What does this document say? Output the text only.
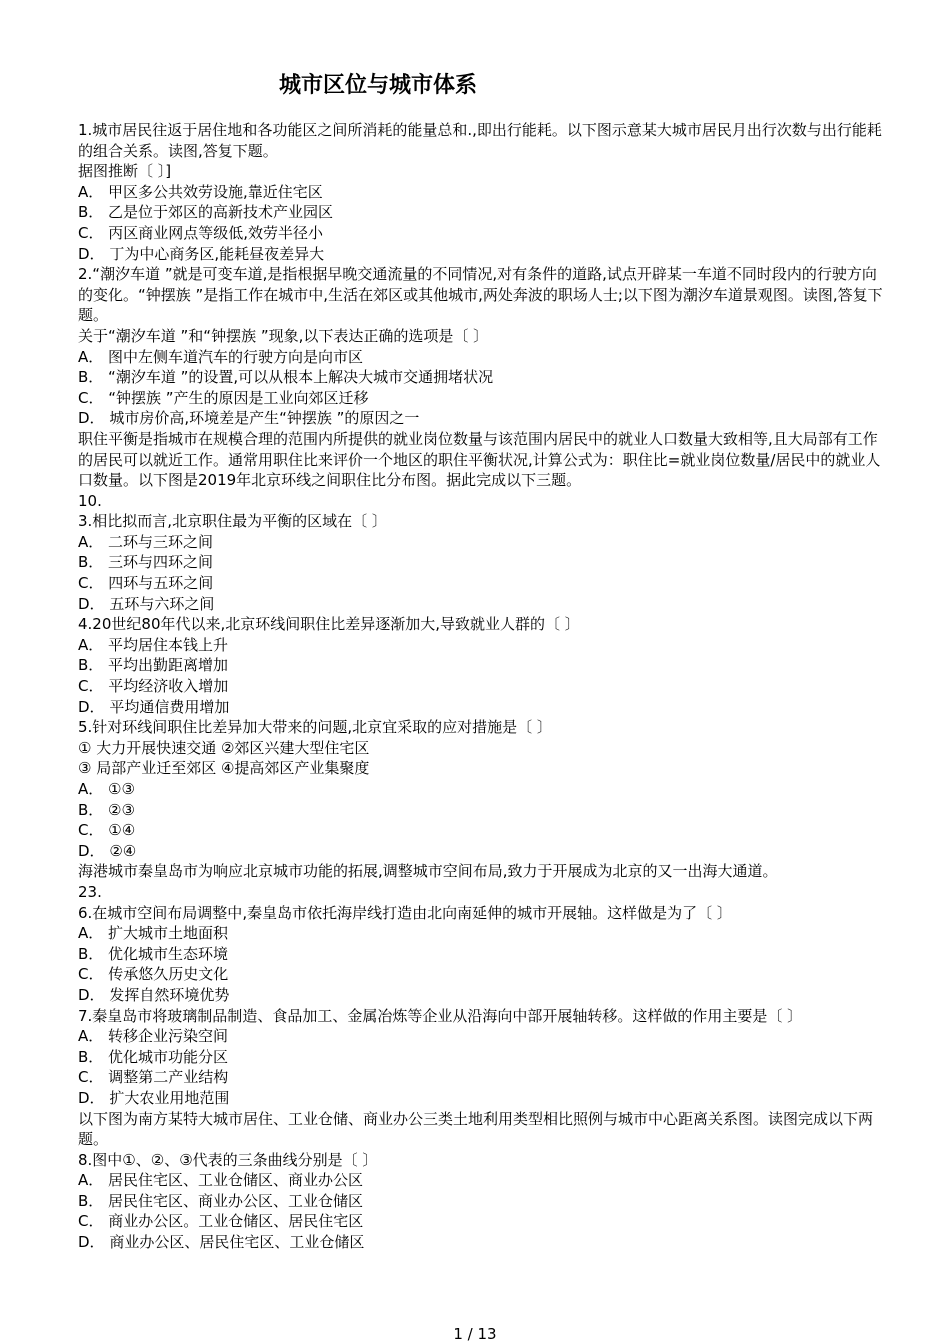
城市区位与城市体系
1.城市居民往返于居住地和各功能区之间所消耗的能量总和.,即出行能耗。以下图示意某大城市居民月出行次数与出行能耗的组合关系。读图,答复下题。
据图推断〔 〕]
A． 甲区多公共效劳设施,靠近住宅区
B． 乙是位于郊区的高新技术产业园区
C． 丙区商业网点等级低,效劳半径小
D． 丁为中心商务区,能耗昼夜差异大
2.“潮汐车道 ”就是可变车道,是指根据早晚交通流量的不同情况,对有条件的道路,试点开辟某一车道不同时段内的行驶方向的变化。“钟摆族 ”是指工作在城市中,生活在郊区或其他城市,两处奔波的职场人士;以下图为潮汐车道景观图。读图,答复下题。
关于“潮汐车道 ”和“钟摆族 ”现象,以下表达正确的选项是〔 〕
A． 图中左侧车道汽车的行驶方向是向市区
B． “潮汐车道 ”的设置,可以从根本上解决大城市交通拥堵状况
C． “钟摆族 ”产生的原因是工业向郊区迁移
D． 城市房价高,环境差是产生“钟摆族 ”的原因之一
职住平衡是指城市在规模合理的范围内所提供的就业岗位数量与该范围内居民中的就业人口数量大致相等,且大局部有工作的居民可以就近工作。通常用职住比来评价一个地区的职住平衡状况,计算公式为：职住比=就业岗位数量/居民中的就业人口数量。以下图是2019年北京环线之间职住比分布图。据此完成以下三题。
10.
3.相比拟而言,北京职住最为平衡的区域在〔 〕
A． 二环与三环之间
B． 三环与四环之间
C． 四环与五环之间
D． 五环与六环之间
4.20世纪80年代以来,北京环线间职住比差异逐渐加大,导致就业人群的〔 〕
A． 平均居住本钱上升
B． 平均出勤距离增加
C． 平均经济收入增加
D． 平均通信费用增加
5.针对环线间职住比差异加大带来的问题,北京宜采取的应对措施是〔 〕
① 大力开展快速交通 ②郊区兴建大型住宅区
③ 局部产业迁至郊区 ④提高郊区产业集聚度
A． ①③
B． ②③
C． ①④
D． ②④
海港城市秦皇岛市为响应北京城市功能的拓展,调整城市空间布局,致力于开展成为北京的又一出海大通道。
23.
6.在城市空间布局调整中,秦皇岛市依托海岸线打造由北向南延伸的城市开展轴。这样做是为了〔 〕
A． 扩大城市土地面积
B． 优化城市生态环境
C． 传承悠久历史文化
D． 发挥自然环境优势
7.秦皇岛市将玻璃制品制造、食品加工、金属冶炼等企业从沿海向中部开展轴转移。这样做的作用主要是〔 〕
A． 转移企业污染空间
B． 优化城市功能分区
C． 调整第二产业结构
D． 扩大农业用地范围
以下图为南方某特大城市居住、工业仓储、商业办公三类土地利用类型相比照例与城市中心距离关系图。读图完成以下两题。
8.图中①、②、③代表的三条曲线分别是〔 〕
A． 居民住宅区、工业仓储区、商业办公区
B． 居民住宅区、商业办公区、工业仓储区
C． 商业办公区。工业仓储区、居民住宅区
D． 商业办公区、居民住宅区、工业仓储区
1 / 13
